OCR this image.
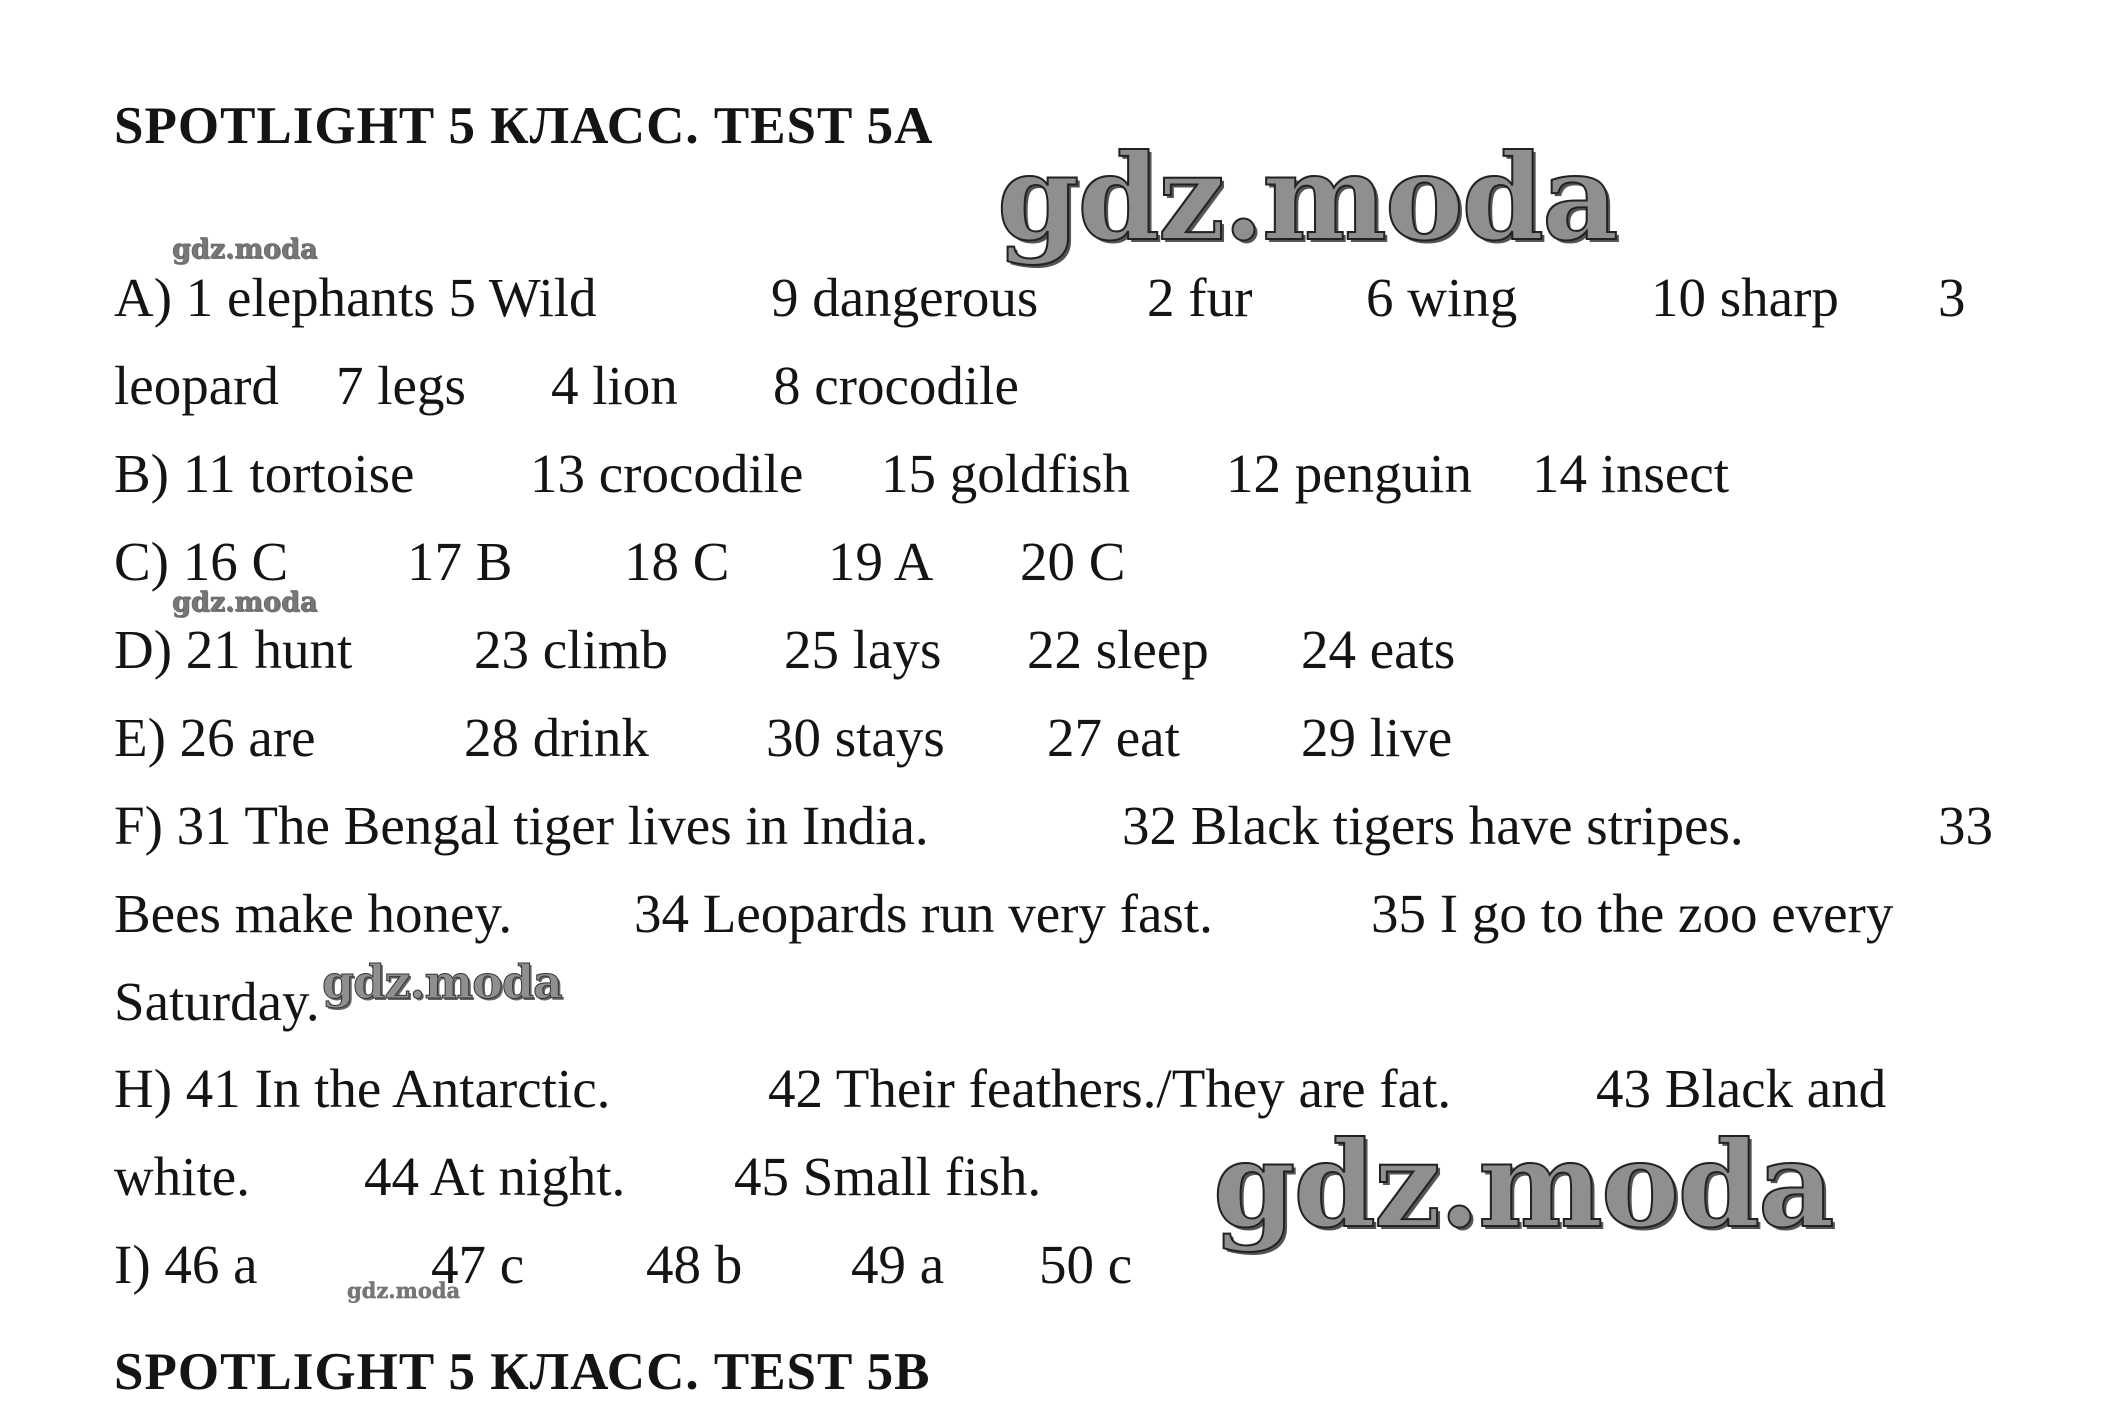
SPOTLIGHT 5 КЛАСС. TEST 5A
A) 1 elephants 5 Wild	9 dangerous 2 fur 6 wing 10 sharp 3
leopard 7 legs 4 lion 8 crocodile
B) 11 tortoise 13 crocodile 15 goldfish 12 penguin 14 insect
C) 16 C 17 B 18 C 19 A 20 C
D) 21 hunt 23 climb 25 lays 22 sleep 24 eats
E) 26 are	28 drink 30 stays 27 eat 29 live
F) 31 The Bengal tiger lives in India.	32 Black tigers have stripes.	33
Bees make honey. 34 Leopards run very fast.	35 I go to the zoo every
Saturday.
H) 41 In the Antarctic.	42 Their feathers./They are fat.	43 Black and
white. 44 At night. 45 Small fish.
I) 46 a	47 c 48 b 49 a 50 c
SPOTLIGHT 5 КЛАСС. TEST 5B
gdz.moda
gdz.moda
gdz.moda
gdz.moda
gdz.moda
gdz.moda
